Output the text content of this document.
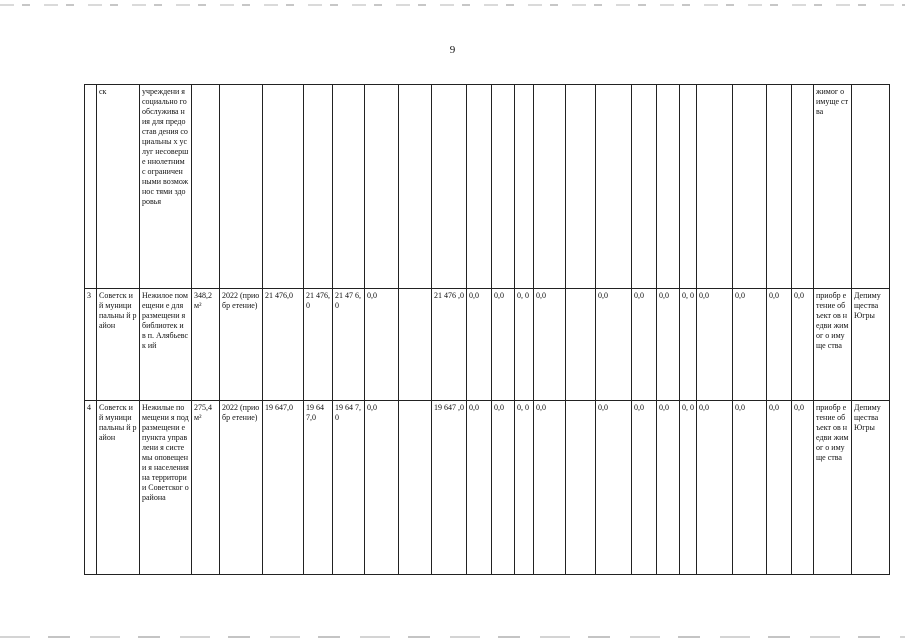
9
	ск	учреждени я социально го обслужива ния для предостав дения социальны х услуг несоверше ннолетним с ограничен ными возможнос тями здоровья																						жимог о имуще ства	
3	Советск ий муници пальны й район	Нежилое помещени е для размещени я библиотек и в п. Алябьевск ий	348,2 м²	2022 (приобр етение)	21 476,0	21 476,0	21 47 6,0	0,0		21 476 ,0	0,0	0,0	0, 0	0,0		0,0	0,0	0,0	0, 0	0,0	0,0	0,0	0,0	приобр етение объект ов недви жимог о имуще ства	Депиму щества Югры
4	Советск ий муници пальны й район	Нежилые помещени я под размещени е пункта управлени я системы оповещени я населения на территори и Советског о района	275,4 м²	2022 (приобр етение)	19 647,0	19 64 7,0	19 64 7,0	0,0		19 647 ,0	0,0	0,0	0, 0	0,0		0,0	0,0	0,0	0, 0	0,0	0,0	0,0	0,0	приобр етение объект ов недви жимог о имуще ства	Депиму щества Югры
